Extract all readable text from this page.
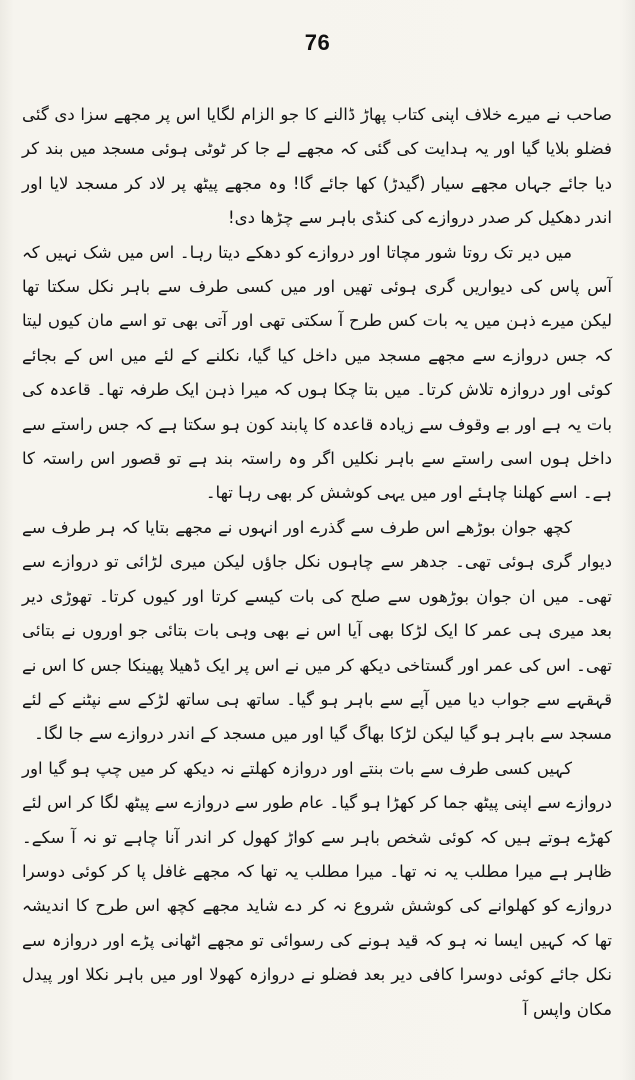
76

صاحب نے میرے خلاف اپنی کتاب پھاڑ ڈالنے کا جو الزام لگایا اس پر مجھے سزا دی گئی فضلو بلایا گیا اور یہ ہدایت کی گئی کہ مجھے لے جا کر ٹوٹی ہوئی مسجد میں بند کر دیا جائے جہاں مجھے سیار (گیدڑ) کھا جائے گا! وہ مجھے پیٹھ پر لاد کر مسجد لایا اور اندر دھکیل کر صدر دروازے کی کنڈی باہر سے چڑھا دی!

میں دیر تک روتا شور مچاتا اور دروازے کو دھکے دیتا رہا۔ اس میں شک نہیں کہ آس پاس کی دیواریں گری ہوئی تھیں اور میں کسی طرف سے باہر نکل سکتا تھا لیکن میرے ذہن میں یہ بات کس طرح آ سکتی تھی اور آتی بھی تو اسے مان کیوں لیتا کہ جس دروازے سے مجھے مسجد میں داخل کیا گیا، نکلنے کے لئے میں اس کے بجائے کوئی اور دروازہ تلاش کرتا۔ میں بتا چکا ہوں کہ میرا ذہن ایک طرفہ تھا۔ قاعدہ کی بات یہ ہے اور بے وقوف سے زیادہ قاعدہ کا پابند کون ہو سکتا ہے کہ جس راستے سے داخل ہوں اسی راستے سے باہر نکلیں اگر وہ راستہ بند ہے تو قصور اس راستہ کا ہے۔ اسے کھلنا چاہئے اور میں یہی کوشش کر بھی رہا تھا۔

کچھ جوان بوڑھے اس طرف سے گذرے اور انہوں نے مجھے بتایا کہ ہر طرف سے دیوار گری ہوئی تھی۔ جدھر سے چاہوں نکل جاؤں لیکن میری لڑائی تو دروازے سے تھی۔ میں ان جوان بوڑھوں سے صلح کی بات کیسے کرتا اور کیوں کرتا۔ تھوڑی دیر بعد میری ہی عمر کا ایک لڑکا بھی آیا اس نے بھی وہی بات بتائی جو اوروں نے بتائی تھی۔ اس کی عمر اور گستاخی دیکھ کر میں نے اس پر ایک ڈھیلا پھینکا جس کا اس نے قہقہے سے جواب دیا میں آپے سے باہر ہو گیا۔ ساتھ ہی ساتھ لڑکے سے نپٹنے کے لئے مسجد سے باہر ہو گیا لیکن لڑکا بھاگ گیا اور میں مسجد کے اندر دروازے سے جا لگا۔

کہیں کسی طرف سے بات بنتے اور دروازہ کھلتے نہ دیکھ کر میں چپ ہو گیا اور دروازے سے اپنی پیٹھ جما کر کھڑا ہو گیا۔ عام طور سے دروازے سے پیٹھ لگا کر اس لئے کھڑے ہوتے ہیں کہ کوئی شخص باہر سے کواڑ کھول کر اندر آنا چاہے تو نہ آ سکے۔ ظاہر ہے میرا مطلب یہ نہ تھا۔ میرا مطلب یہ تھا کہ مجھے غافل پا کر کوئی دوسرا دروازے کو کھلوانے کی کوشش شروع نہ کر دے شاید مجھے کچھ اس طرح کا اندیشہ تھا کہ کہیں ایسا نہ ہو کہ قید ہونے کی رسوائی تو مجھے اٹھانی پڑے اور دروازہ سے نکل جائے کوئی دوسرا کافی دیر بعد فضلو نے دروازہ کھولا اور میں باہر نکلا اور پیدل مکان واپس آ
